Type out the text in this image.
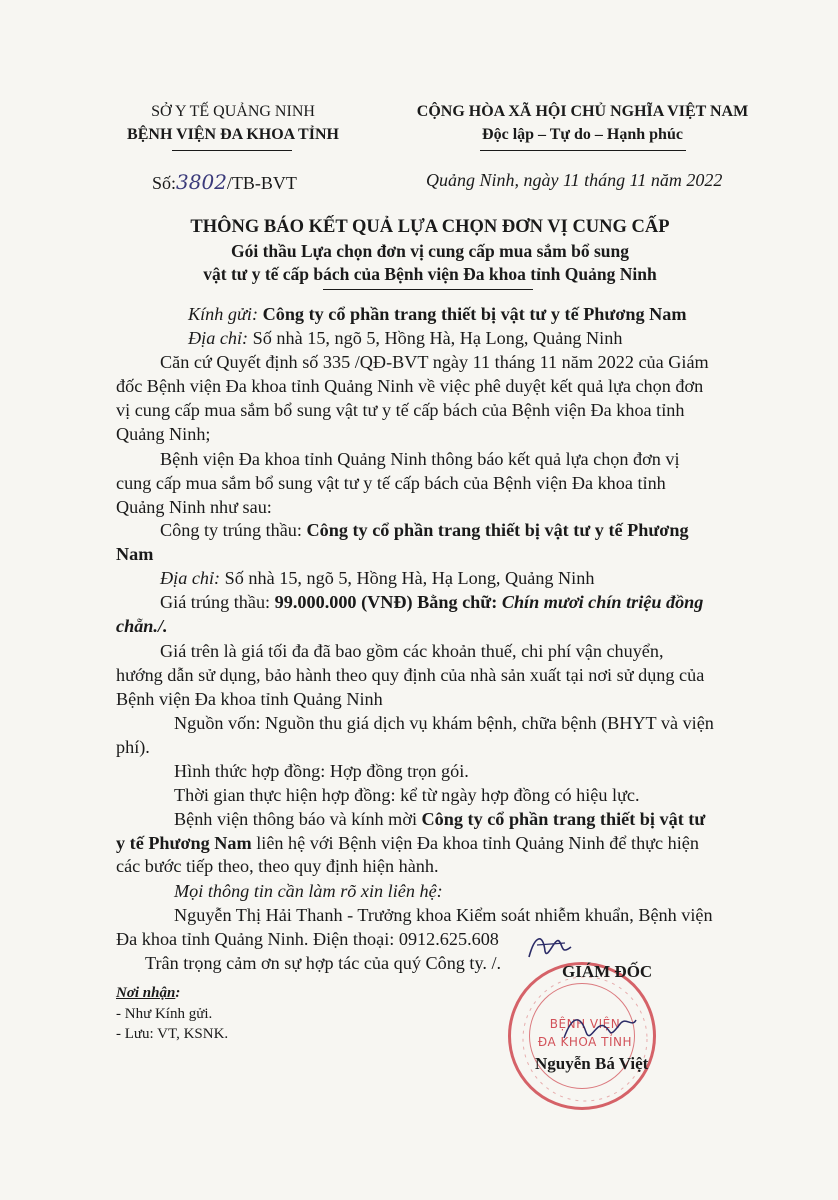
SỞ Y TẾ QUẢNG NINH
BỆNH VIỆN ĐA KHOA TỈNH
CỘNG HÒA XÃ HỘI CHỦ NGHĨA VIỆT NAM
Độc lập – Tự do – Hạnh phúc
Số:3802/TB-BVT	Quảng Ninh, ngày 11 tháng 11 năm 2022
THÔNG BÁO KẾT QUẢ LỰA CHỌN ĐƠN VỊ CUNG CẤP
Gói thầu Lựa chọn đơn vị cung cấp mua sắm bổ sung
vật tư y tế cấp bách của Bệnh viện Đa khoa tỉnh Quảng Ninh
Kính gửi: Công ty cổ phần trang thiết bị vật tư y tế Phương Nam
Địa chỉ: Số nhà 15, ngõ 5, Hồng Hà, Hạ Long, Quảng Ninh
Căn cứ Quyết định số 335 /QĐ-BVT ngày 11 tháng 11 năm 2022 của Giám
đốc Bệnh viện Đa khoa tỉnh Quảng Ninh về việc phê duyệt kết quả lựa chọn đơn
vị cung cấp mua sắm bổ sung vật tư y tế cấp bách của Bệnh viện Đa khoa tỉnh
Quảng Ninh;
Bệnh viện Đa khoa tỉnh Quảng Ninh thông báo kết quả lựa chọn đơn vị
cung cấp mua sắm bổ sung vật tư y tế cấp bách của Bệnh viện Đa khoa tỉnh
Quảng Ninh như sau:
Công ty trúng thầu: Công ty cổ phần trang thiết bị vật tư y tế Phương
Nam
Địa chỉ: Số nhà 15, ngõ 5, Hồng Hà, Hạ Long, Quảng Ninh
Giá trúng thầu: 99.000.000 (VNĐ) Bằng chữ: Chín mươi chín triệu đồng
chẵn./.
Giá trên là giá tối đa đã bao gồm các khoản thuế, chi phí vận chuyển,
hướng dẫn sử dụng, bảo hành theo quy định của nhà sản xuất tại nơi sử dụng của
Bệnh viện Đa khoa tỉnh Quảng Ninh
Nguồn vốn: Nguồn thu giá dịch vụ khám bệnh, chữa bệnh (BHYT và viện
phí).
Hình thức hợp đồng: Hợp đồng trọn gói.
Thời gian thực hiện hợp đồng: kể từ ngày hợp đồng có hiệu lực.
Bệnh viện thông báo và kính mời Công ty cổ phần trang thiết bị vật tư
y tế Phương Nam liên hệ với Bệnh viện Đa khoa tỉnh Quảng Ninh để thực hiện
các bước tiếp theo, theo quy định hiện hành.
Mọi thông tin cần làm rõ xin liên hệ:
Nguyễn Thị Hải Thanh - Trưởng khoa Kiểm soát nhiễm khuẩn, Bệnh viện
Đa khoa tỉnh Quảng Ninh. Điện thoại: 0912.625.608
Trân trọng cảm ơn sự hợp tác của quý Công ty. /.
Nơi nhận:
- Như Kính gửi.
- Lưu: VT, KSNK.
BỆNH VIỆN
ĐA KHOA TỈNH
GIÁM ĐỐC
Nguyễn Bá Việt
